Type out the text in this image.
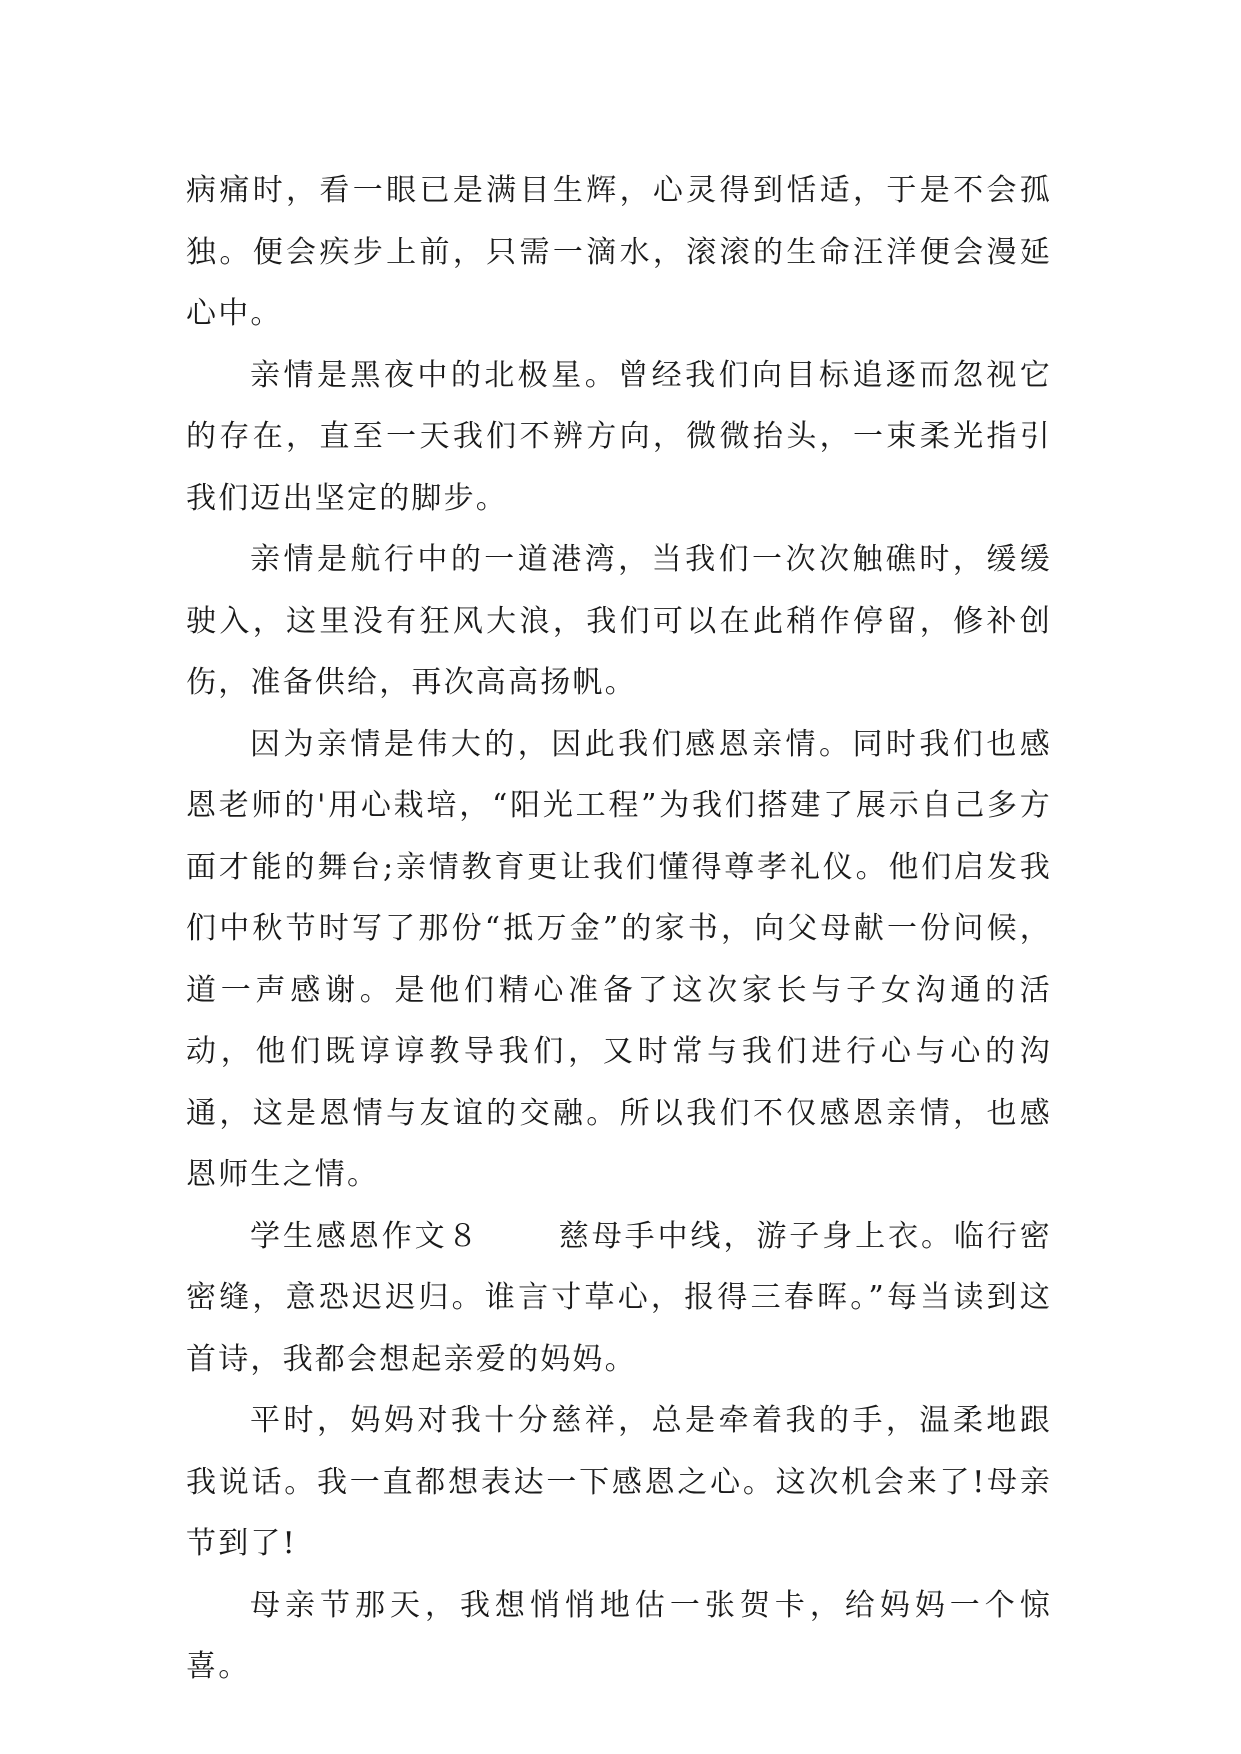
病痛时，看一眼已是满目生辉，心灵得到恬适，于是不会孤独。便会疾步上前，只需一滴水，滚滚的生命汪洋便会漫延心中。

亲情是黑夜中的北极星。曾经我们向目标追逐而忽视它的存在，直至一天我们不辨方向，微微抬头，一束柔光指引我们迈出坚定的脚步。

亲情是航行中的一道港湾，当我们一次次触礁时，缓缓驶入，这里没有狂风大浪，我们可以在此稍作停留，修补创伤，准备供给，再次高高扬帆。

因为亲情是伟大的，因此我们感恩亲情。同时我们也感恩老师的'用心栽培，“阳光工程”为我们搭建了展示自己多方面才能的舞台;亲情教育更让我们懂得尊孝礼仪。他们启发我们中秋节时写了那份“抵万金”的家书，向父母献一份问候，道一声感谢。是他们精心准备了这次家长与子女沟通的活动，他们既谆谆教导我们，又时常与我们进行心与心的沟通，这是恩情与友谊的交融。所以我们不仅感恩亲情，也感恩师生之情。

学生感恩作文８　　 慈母手中线，游子身上衣。临行密密缝，意恐迟迟归。谁言寸草心，报得三春晖。”每当读到这首诗，我都会想起亲爱的妈妈。

平时，妈妈对我十分慈祥，总是牵着我的手，温柔地跟我说话。我一直都想表达一下感恩之心。这次机会来了!母亲节到了!

母亲节那天，我想悄悄地估一张贺卡，给妈妈一个惊喜。
